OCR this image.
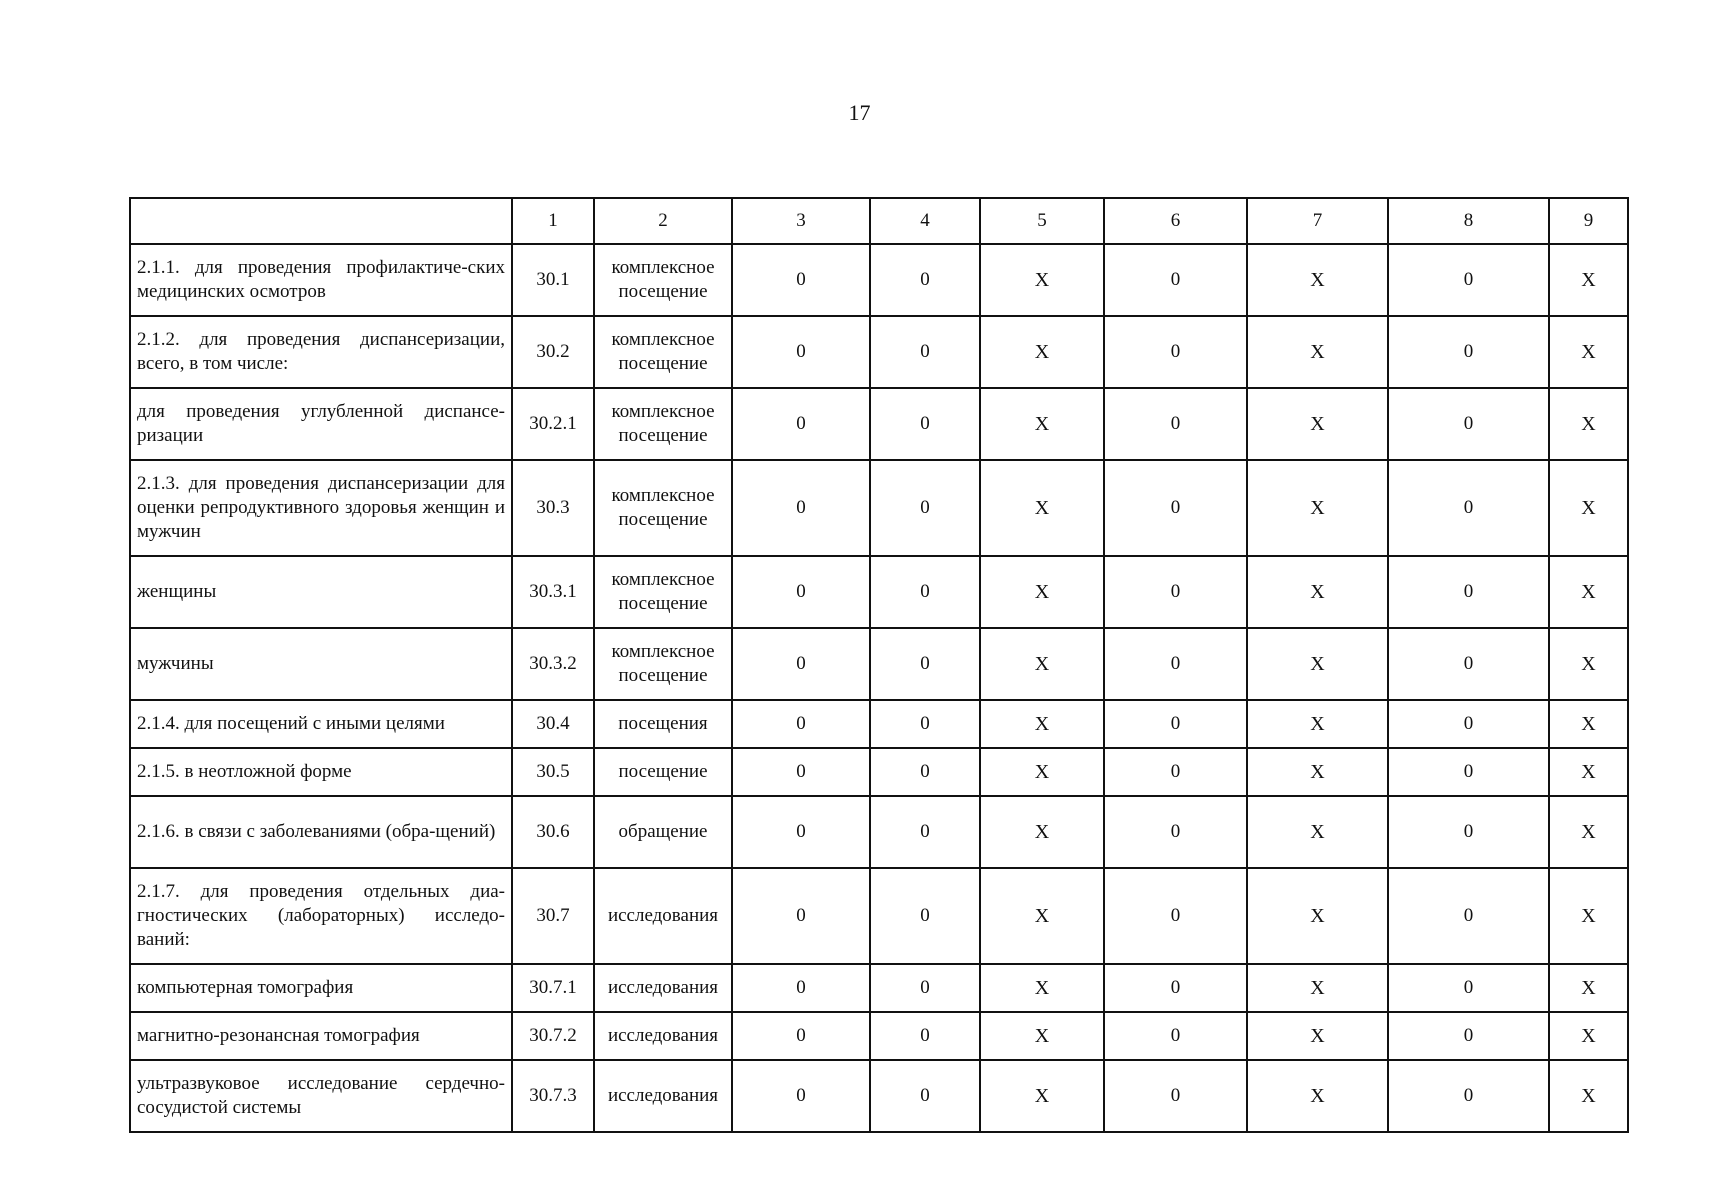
17
	1	2	3	4	5	6	7	8	9
2.1.1. для проведения профилактиче-ских медицинских осмотров	30.1	комплексное посещение	0	0	X	0	X	0	X
2.1.2. для проведения диспансеризации, всего, в том числе:	30.2	комплексное посещение	0	0	X	0	X	0	X
для проведения углубленной диспансе-ризации	30.2.1	комплексное посещение	0	0	X	0	X	0	X
2.1.3. для проведения диспансеризации для оценки репродуктивного здоровья женщин и мужчин	30.3	комплексное посещение	0	0	X	0	X	0	X
женщины	30.3.1	комплексное посещение	0	0	X	0	X	0	X
мужчины	30.3.2	комплексное посещение	0	0	X	0	X	0	X
2.1.4. для посещений с иными целями	30.4	посещения	0	0	X	0	X	0	X
2.1.5. в неотложной форме	30.5	посещение	0	0	X	0	X	0	X
2.1.6. в связи с заболеваниями (обра-щений)	30.6	обращение	0	0	X	0	X	0	X
2.1.7. для проведения отдельных диа-гностических (лабораторных) исследо-ваний:	30.7	исследования	0	0	X	0	X	0	X
компьютерная томография	30.7.1	исследования	0	0	X	0	X	0	X
магнитно-резонансная томография	30.7.2	исследования	0	0	X	0	X	0	X
ультразвуковое исследование сердечно-сосудистой системы	30.7.3	исследования	0	0	X	0	X	0	X
